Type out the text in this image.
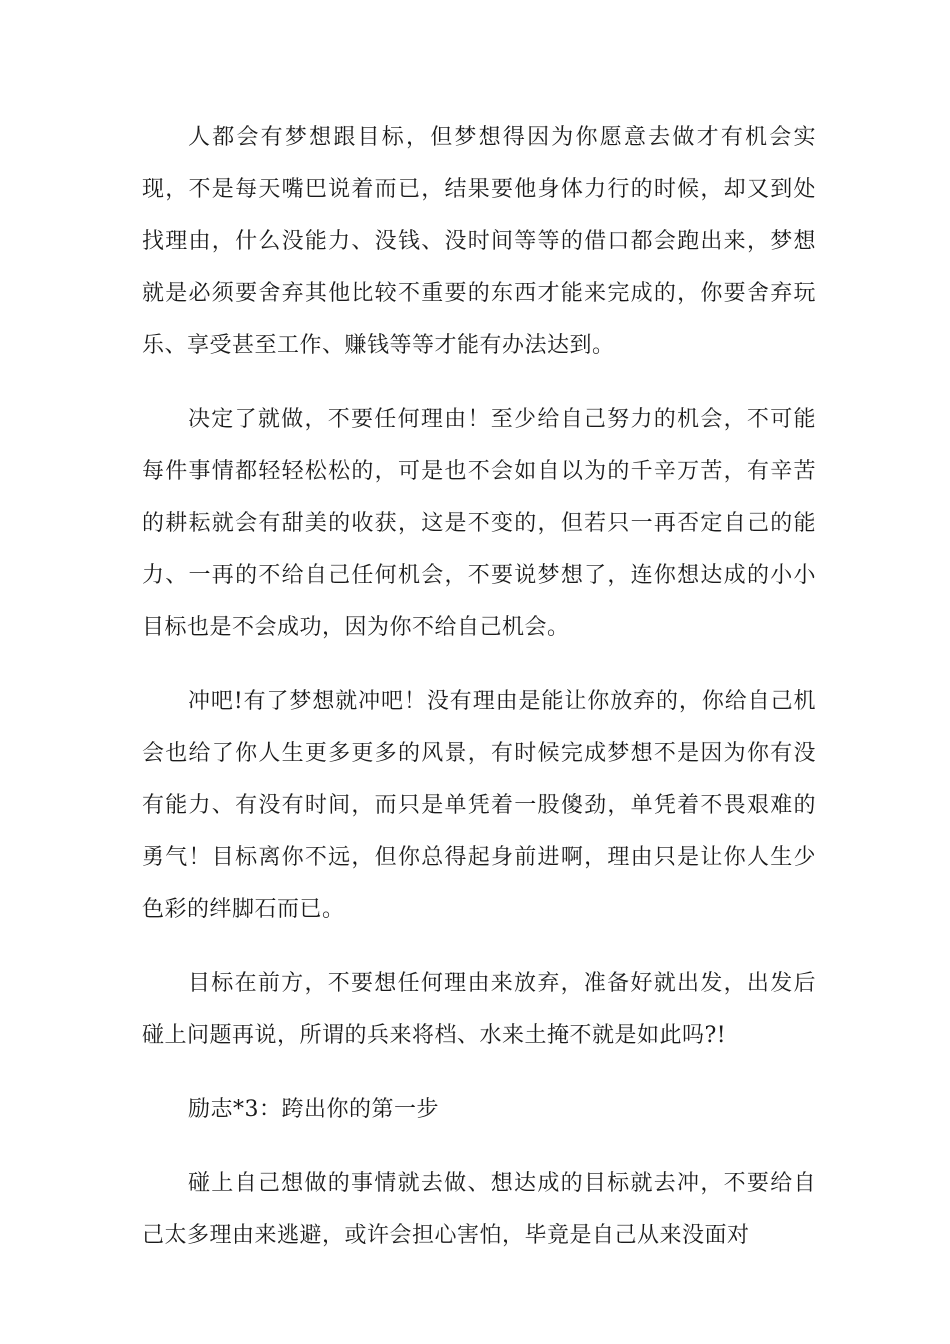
人都会有梦想跟目标，但梦想得因为你愿意去做才有机会实现，不是每天嘴巴说着而已，结果要他身体力行的时候，却又到处找理由，什么没能力、没钱、没时间等等的借口都会跑出来，梦想就是必须要舍弃其他比较不重要的东西才能来完成的，你要舍弃玩乐、享受甚至工作、赚钱等等才能有办法达到。

决定了就做，不要任何理由！至少给自己努力的机会，不可能每件事情都轻轻松松的，可是也不会如自以为的千辛万苦，有辛苦的耕耘就会有甜美的收获，这是不变的，但若只一再否定自己的能力、一再的不给自己任何机会，不要说梦想了，连你想达成的小小目标也是不会成功，因为你不给自己机会。

冲吧!有了梦想就冲吧！没有理由是能让你放弃的，你给自己机会也给了你人生更多更多的风景，有时候完成梦想不是因为你有没有能力、有没有时间，而只是单凭着一股傻劲，单凭着不畏艰难的勇气！目标离你不远，但你总得起身前进啊，理由只是让你人生少色彩的绊脚石而已。

目标在前方，不要想任何理由来放弃，准备好就出发，出发后碰上问题再说，所谓的兵来将档、水来土掩不就是如此吗?!

励志*3：跨出你的第一步

碰上自己想做的事情就去做、想达成的目标就去冲，不要给自己太多理由来逃避，或许会担心害怕，毕竟是自己从来没面对
